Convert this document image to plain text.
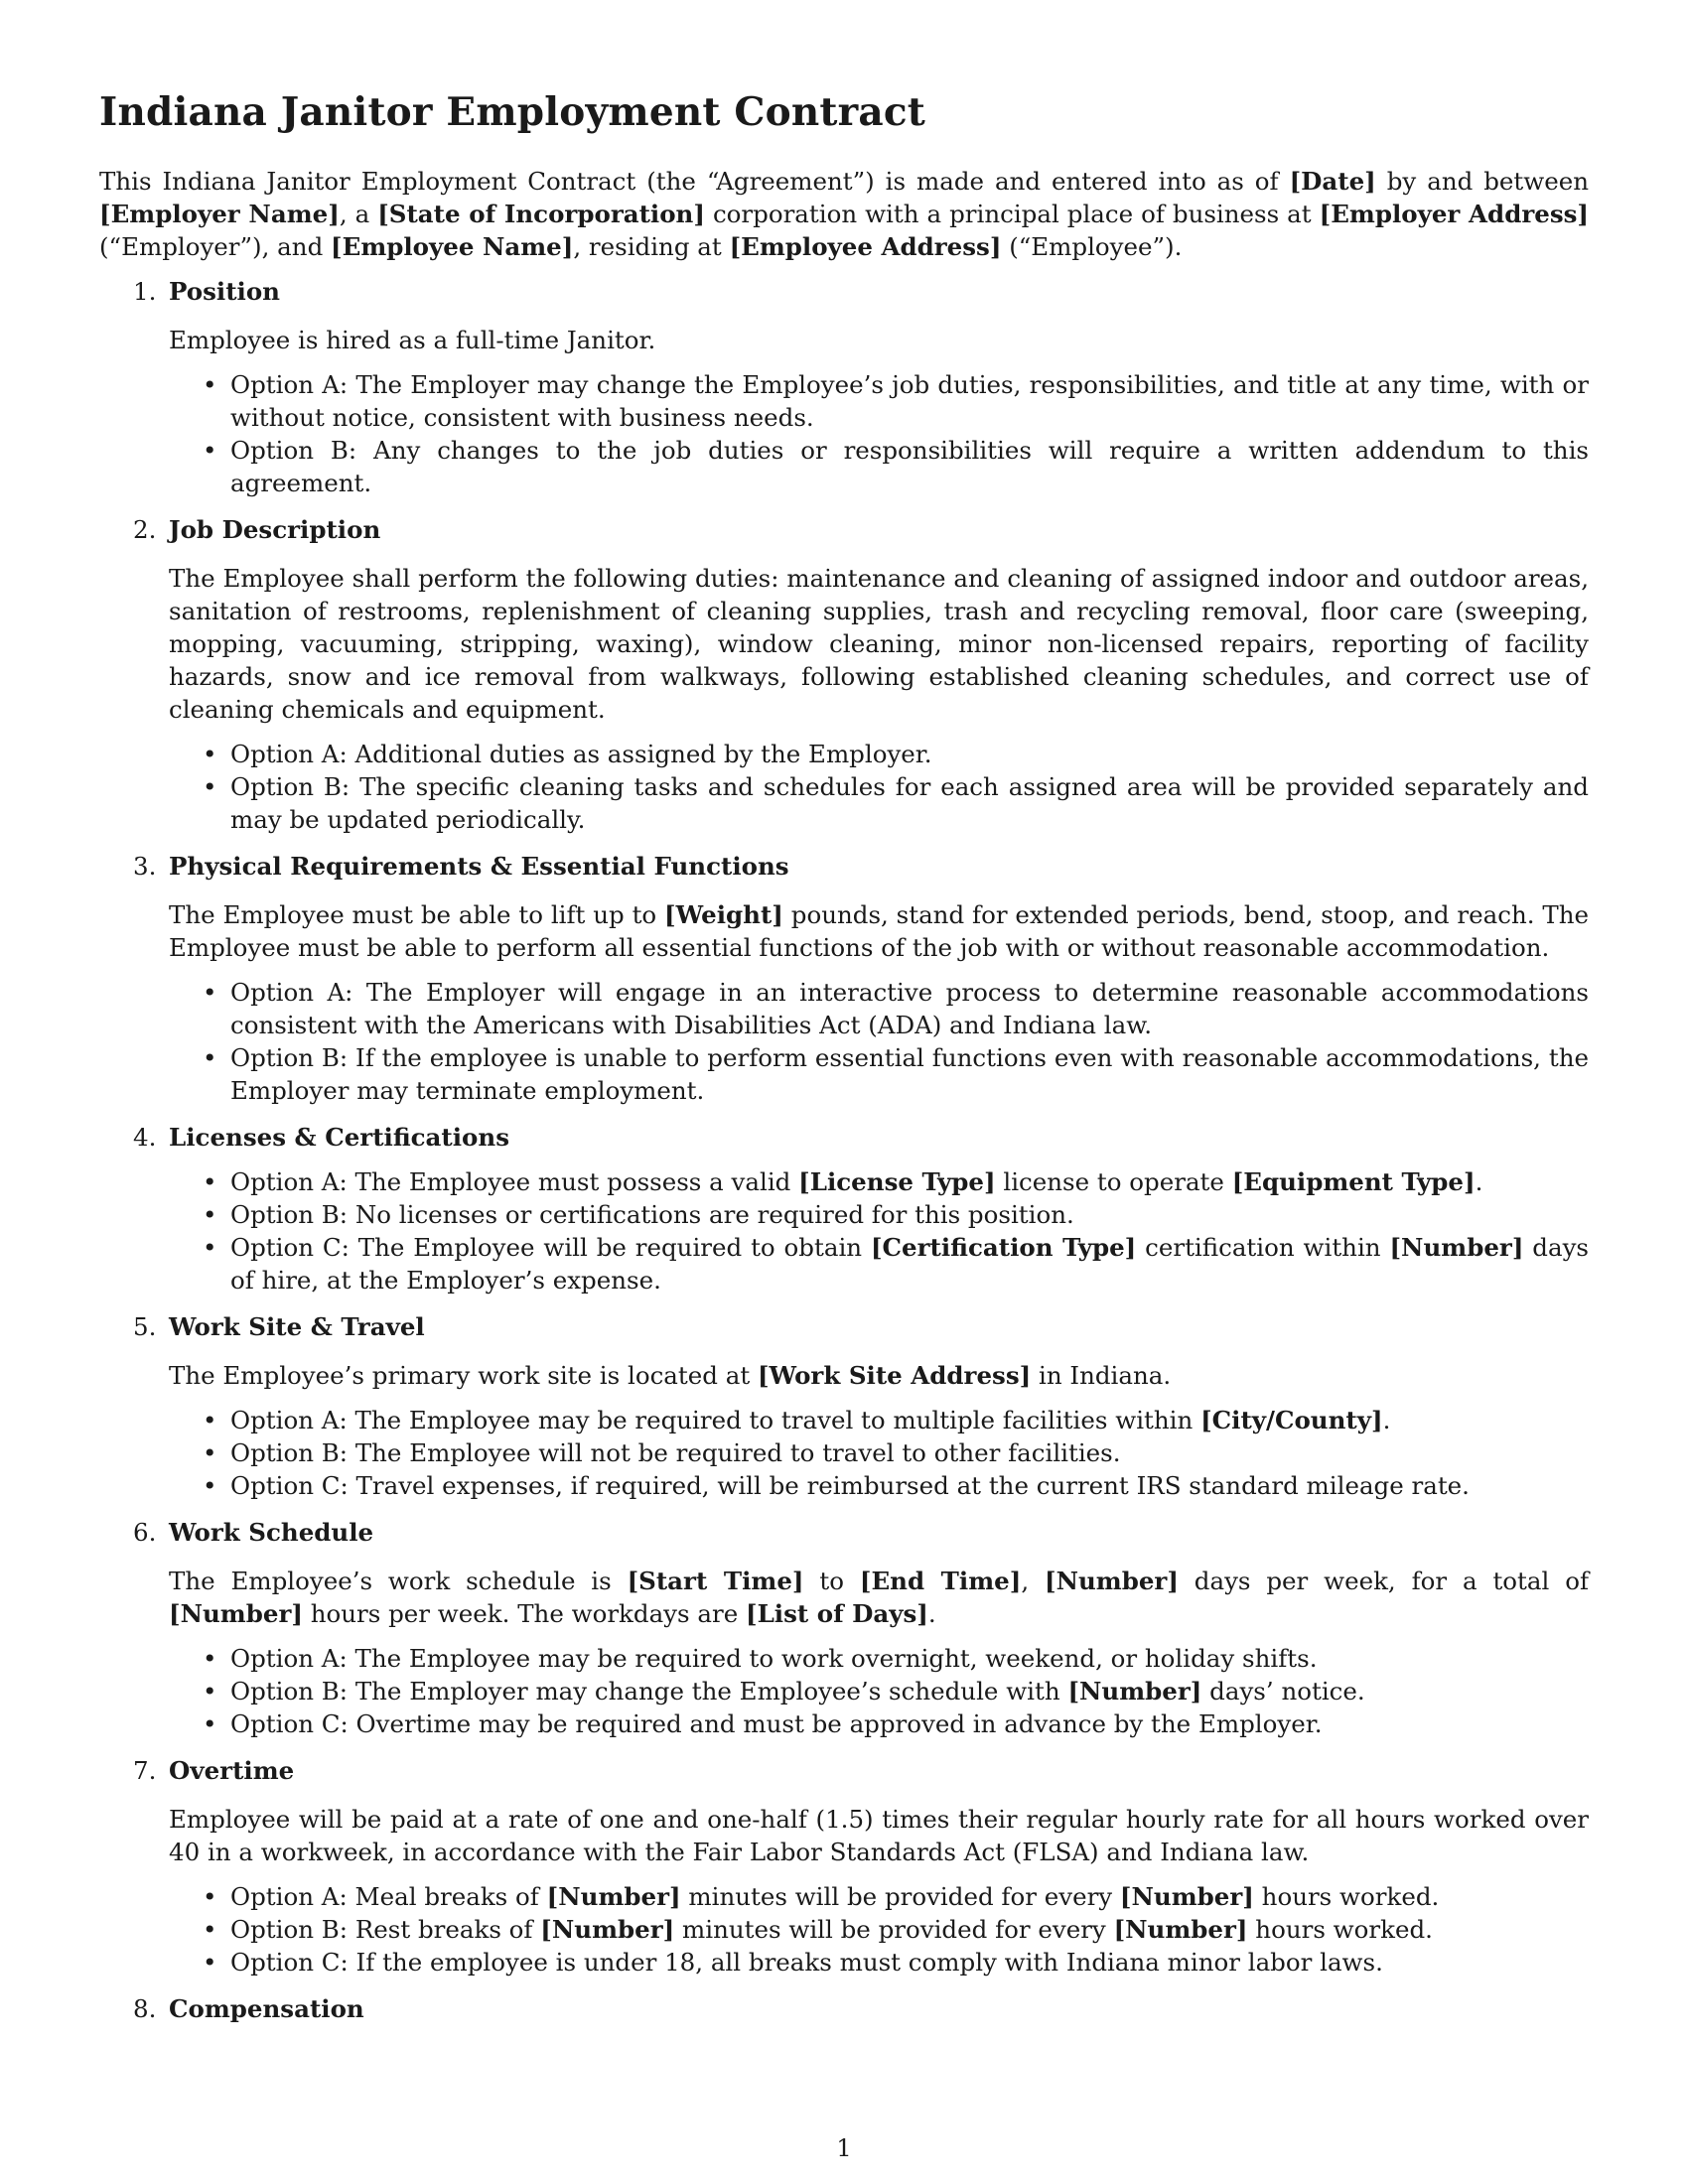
Indiana Janitor Employment Contract

This Indiana Janitor Employment Contract (the “Agreement”) is made and entered into as of [Date] by and between [Employer Name], a [State of Incorporation] corporation with a principal place of business at [Employer Address] (“Employer”), and [Employee Name], residing at [Employee Address] (“Employee”).

1. Position

Employee is hired as a full-time Janitor.

• Option A: The Employer may change the Employee’s job duties, responsibilities, and title at any time, with or without notice, consistent with business needs.
• Option B: Any changes to the job duties or responsibilities will require a written addendum to this agreement.
2. Job Description

The Employee shall perform the following duties: maintenance and cleaning of assigned indoor and outdoor areas, sanitation of restrooms, replenishment of cleaning supplies, trash and recycling removal, floor care (sweeping, mopping, vacuuming, stripping, waxing), window cleaning, minor non-licensed repairs, reporting of facility hazards, snow and ice removal from walkways, following established cleaning schedules, and correct use of cleaning chemicals and equipment.

• Option A: Additional duties as assigned by the Employer.
• Option B: The specific cleaning tasks and schedules for each assigned area will be provided separately and may be updated periodically.
3. Physical Requirements & Essential Functions

The Employee must be able to lift up to [Weight] pounds, stand for extended periods, bend, stoop, and reach. The Employee must be able to perform all essential functions of the job with or without reasonable accommodation.

• Option A: The Employer will engage in an interactive process to determine reasonable accommodations consistent with the Americans with Disabilities Act (ADA) and Indiana law.
• Option B: If the employee is unable to perform essential functions even with reasonable accommodations, the Employer may terminate employment.
4. Licenses & Certifications
• Option A: The Employee must possess a valid [License Type] license to operate [Equipment Type].
• Option B: No licenses or certifications are required for this position.
• Option C: The Employee will be required to obtain [Certification Type] certification within [Number] days of hire, at the Employer’s expense.
5. Work Site & Travel

The Employee’s primary work site is located at [Work Site Address] in Indiana.

• Option A: The Employee may be required to travel to multiple facilities within [City/County].
• Option B: The Employee will not be required to travel to other facilities.
• Option C: Travel expenses, if required, will be reimbursed at the current IRS standard mileage rate.
6. Work Schedule

The Employee’s work schedule is [Start Time] to [End Time], [Number] days per week, for a total of [Number] hours per week. The workdays are [List of Days].

• Option A: The Employee may be required to work overnight, weekend, or holiday shifts.
• Option B: The Employer may change the Employee’s schedule with [Number] days’ notice.
• Option C: Overtime may be required and must be approved in advance by the Employer.
7. Overtime

Employee will be paid at a rate of one and one-half (1.5) times their regular hourly rate for all hours worked over 40 in a workweek, in accordance with the Fair Labor Standards Act (FLSA) and Indiana law.

• Option A: Meal breaks of [Number] minutes will be provided for every [Number] hours worked.
• Option B: Rest breaks of [Number] minutes will be provided for every [Number] hours worked.
• Option C: If the employee is under 18, all breaks must comply with Indiana minor labor laws.
8. Compensation
1
